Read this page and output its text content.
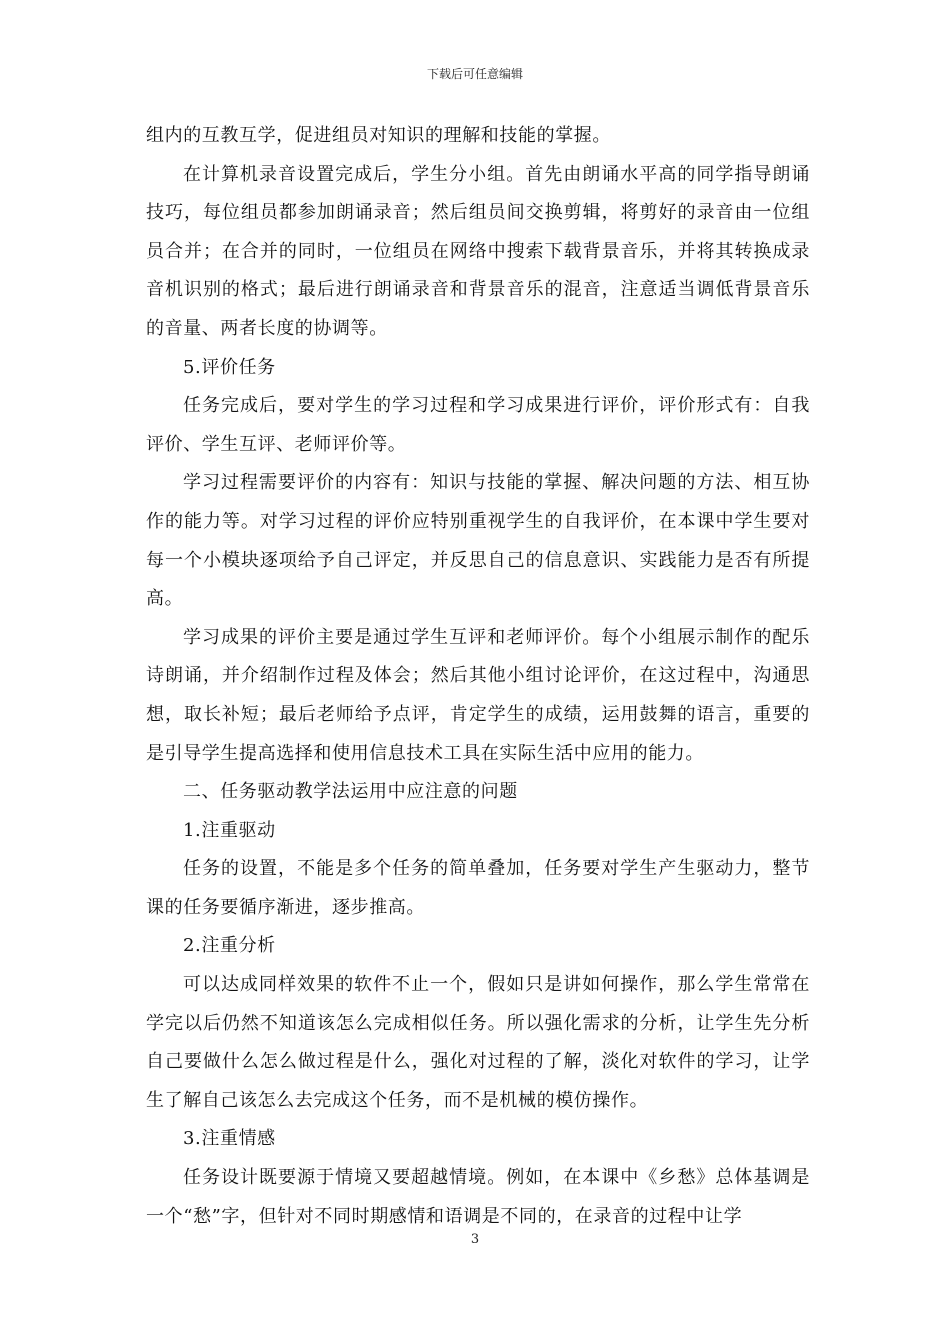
下载后可任意编辑

组内的互教互学，促进组员对知识的理解和技能的掌握。

在计算机录音设置完成后，学生分小组。首先由朗诵水平高的同学指导朗诵技巧，每位组员都参加朗诵录音；然后组员间交换剪辑，将剪好的录音由一位组员合并；在合并的同时，一位组员在网络中搜索下载背景音乐，并将其转换成录音机识别的格式；最后进行朗诵录音和背景音乐的混音，注意适当调低背景音乐的音量、两者长度的协调等。

5.评价任务

任务完成后，要对学生的学习过程和学习成果进行评价，评价形式有：自我评价、学生互评、老师评价等。

学习过程需要评价的内容有：知识与技能的掌握、解决问题的方法、相互协作的能力等。对学习过程的评价应特别重视学生的自我评价，在本课中学生要对每一个小模块逐项给予自己评定，并反思自己的信息意识、实践能力是否有所提高。

学习成果的评价主要是通过学生互评和老师评价。每个小组展示制作的配乐诗朗诵，并介绍制作过程及体会；然后其他小组讨论评价，在这过程中，沟通思想，取长补短；最后老师给予点评，肯定学生的成绩，运用鼓舞的语言，重要的是引导学生提高选择和使用信息技术工具在实际生活中应用的能力。

二、任务驱动教学法运用中应注意的问题

1.注重驱动

任务的设置，不能是多个任务的简单叠加，任务要对学生产生驱动力，整节课的任务要循序渐进，逐步推高。

2.注重分析

可以达成同样效果的软件不止一个，假如只是讲如何操作，那么学生常常在学完以后仍然不知道该怎么完成相似任务。所以强化需求的分析，让学生先分析自己要做什么怎么做过程是什么，强化对过程的了解，淡化对软件的学习，让学生了解自己该怎么去完成这个任务，而不是机械的模仿操作。

3.注重情感

任务设计既要源于情境又要超越情境。例如，在本课中《乡愁》总体基调是一个“愁”字，但针对不同时期感情和语调是不同的，在录音的过程中让学

3
